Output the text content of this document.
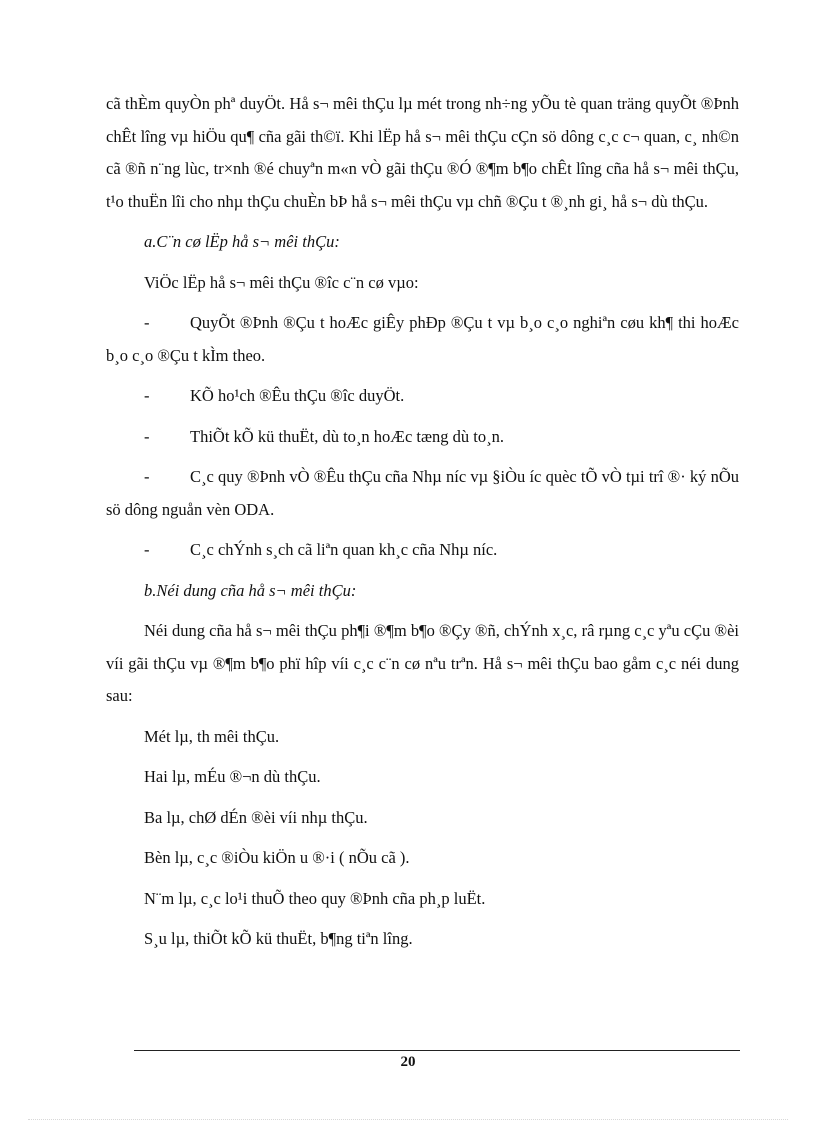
cã thÈm quyÒn phª duyÖt. Hå s¬ mêi thÇu lµ mét trong nh÷ng yÕu tè quan träng quyÕt ®Þnh chÊt lîng vµ hiÖu qu¶ cña gãi th©ï. Khi lËp hå s¬ mêi thÇu cÇn sö dông c¸c c¬ quan, c¸ nh©n cã ®ñ n¨ng lùc, tr×nh ®é chuyªn m«n vÒ gãi thÇu ®Ó ®¶m b¶o chÊt lîng cña hå s¬ mêi thÇu, t¹o thuËn lîi cho nhµ thÇu chuÈn bÞ hå s¬ mêi thÇu vµ chñ ®Çu t ®¸nh gi¸ hå s¬ dù thÇu.

a.C¨n cø lËp hå s¬ mêi thÇu:

ViÖc lËp hå s¬ mêi thÇu ®îc c¨n cø vµo:

- QuyÕt ®Þnh ®Çu t hoÆc giÊy phÐp ®Çu t vµ b¸o c¸o nghiªn cøu kh¶ thi hoÆc b¸o c¸o ®Çu t kÌm theo.

- KÕ ho¹ch ®Êu thÇu ®îc duyÖt.

- ThiÕt kÕ kü thuËt, dù to¸n hoÆc tæng dù to¸n.

- C¸c quy ®Þnh vÒ ®Êu thÇu cña Nhµ níc vµ §iÒu íc quèc tÕ vÒ tµi trî ®· ký nÕu sö dông nguån vèn ODA.

- C¸c chÝnh s¸ch cã liªn quan kh¸c cña Nhµ níc.

b.Néi dung cña hå s¬ mêi thÇu:

Néi dung cña hå s¬ mêi thÇu ph¶i ®¶m b¶o ®Çy ®ñ, chÝnh x¸c, râ rµng c¸c yªu cÇu ®èi víi gãi thÇu vµ ®¶m b¶o phï hîp víi c¸c c¨n cø nªu trªn. Hå s¬ mêi thÇu bao gåm c¸c néi dung sau:

Mét lµ, th mêi thÇu.

Hai lµ, mÉu ®¬n dù thÇu.

Ba lµ, chØ dÉn ®èi víi nhµ thÇu.

Bèn lµ, c¸c ®iÒu kiÖn u ®·i ( nÕu cã ).

N¨m lµ, c¸c lo¹i thuÕ theo quy ®Þnh cña ph¸p luËt.

S¸u lµ, thiÕt kÕ kü thuËt, b¶ng tiªn lîng.

20
